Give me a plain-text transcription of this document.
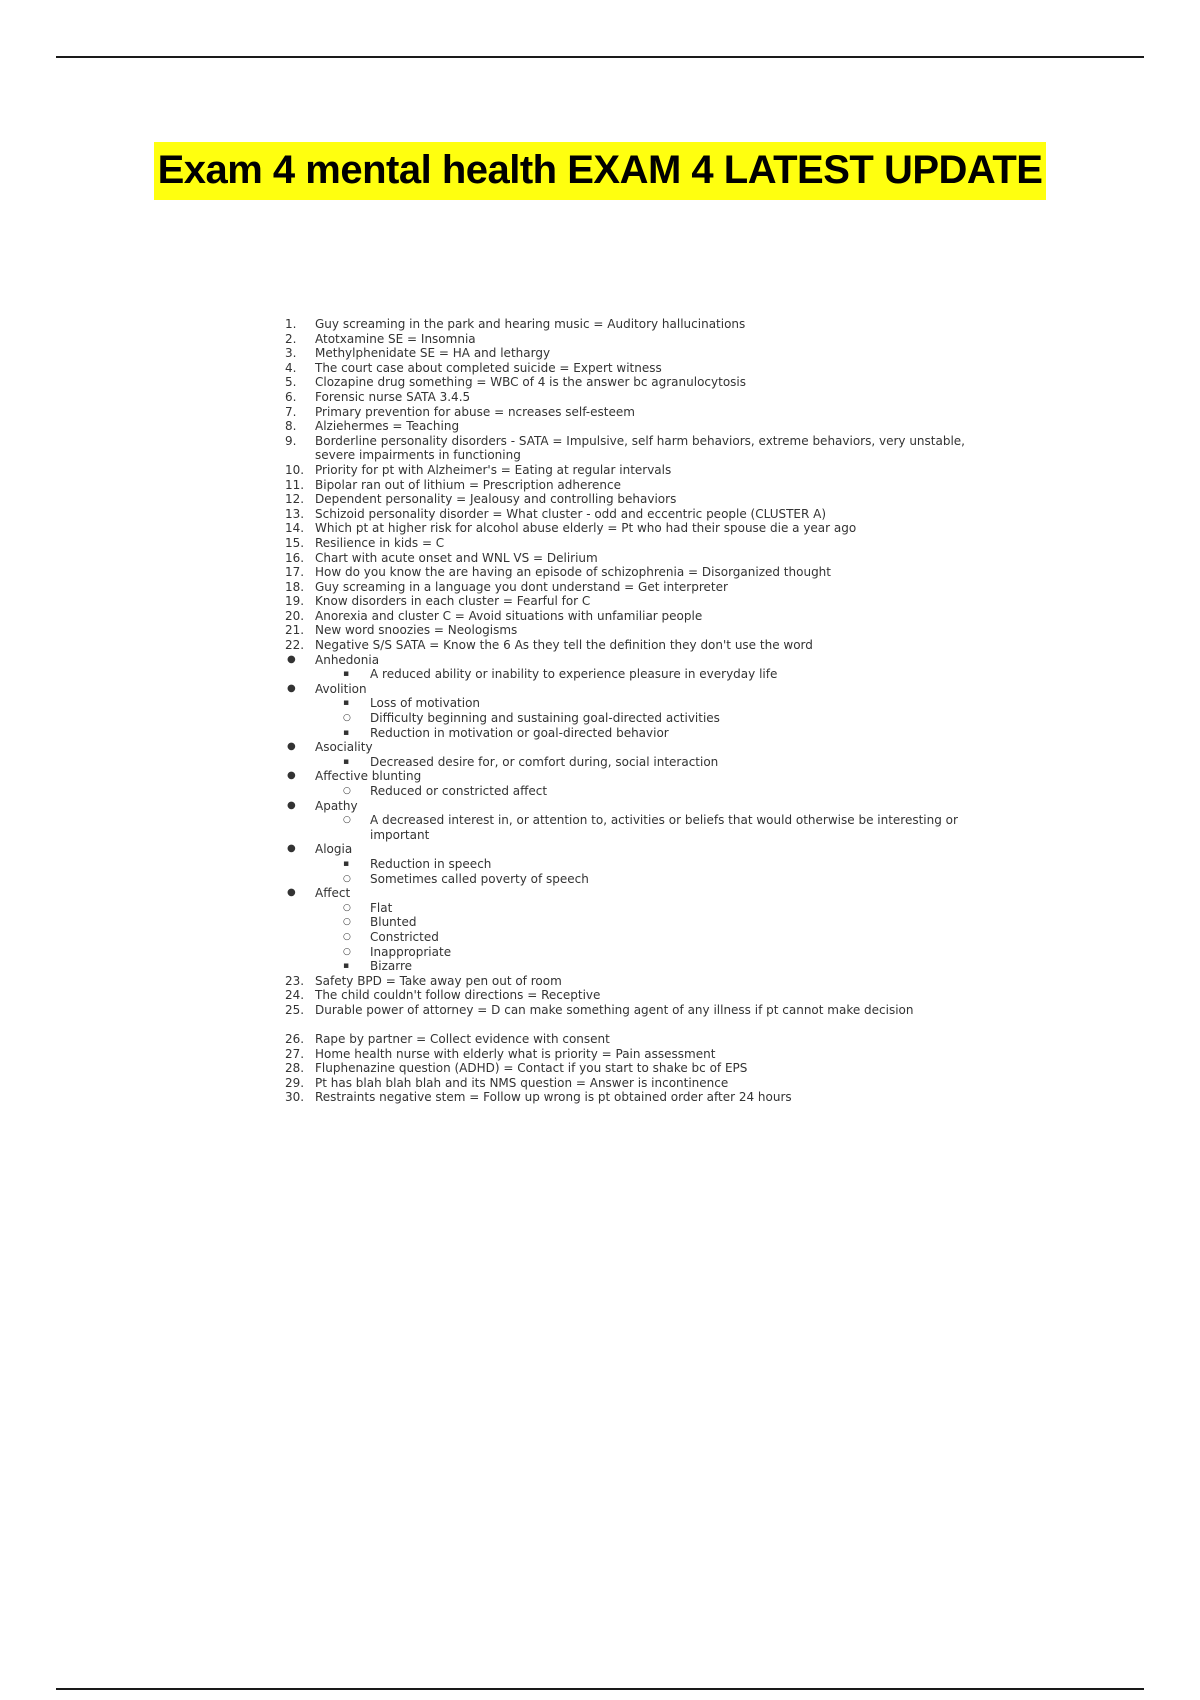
Exam 4 mental health EXAM 4 LATEST UPDATE
1.	Guy screaming in the park and hearing music = Auditory hallucinations
2.	Atotxamine SE = Insomnia
3.	Methylphenidate SE = HA and lethargy
4.	The court case about completed suicide = Expert witness
5.	Clozapine drug something = WBC of 4 is the answer bc agranulocytosis
6.	Forensic nurse SATA 3.4.5
7.	Primary prevention for abuse = ncreases self-esteem
8.	Alziehermes = Teaching
9.	Borderline personality disorders - SATA = Impulsive, self harm behaviors, extreme behaviors, very unstable, severe impairments in functioning
10. Priority for pt with Alzheimer's = Eating at regular intervals
11. Bipolar ran out of lithium = Prescription adherence
12. Dependent personality = Jealousy and controlling behaviors
13. Schizoid personality disorder = What cluster - odd and eccentric people (CLUSTER A)
14. Which pt at higher risk for alcohol abuse elderly = Pt who had their spouse die a year ago
15. Resilience in kids = C
16. Chart with acute onset and WNL VS = Delirium
17. How do you know the are having an episode of schizophrenia = Disorganized thought
18. Guy screaming in a language you dont understand = Get interpreter
19. Know disorders in each cluster = Fearful for C
20. Anorexia and cluster C = Avoid situations with unfamiliar people
21. New word snoozies = Neologisms
22. Negative S/S SATA = Know the 6 As they tell the definition they don't use the word
●	Anhedonia
▪	A reduced ability or inability to experience pleasure in everyday life
●	Avolition
▪	Loss of motivation
○	Difficulty beginning and sustaining goal-directed activities
▪	Reduction in motivation or goal-directed behavior
●	Asociality
▪	Decreased desire for, or comfort during, social interaction
●	Affective blunting
○	Reduced or constricted affect
●	Apathy
○	A decreased interest in, or attention to, activities or beliefs that would otherwise be interesting or important
●	Alogia
▪	Reduction in speech
○	Sometimes called poverty of speech
●	Affect
○	Flat
○	Blunted
○	Constricted
○	Inappropriate
▪	Bizarre
23. Safety BPD = Take away pen out of room
24. The child couldn't follow directions = Receptive
25. Durable power of attorney = D can make something agent of any illness if pt cannot make decision
26. Rape by partner = Collect evidence with consent
27. Home health nurse with elderly what is priority = Pain assessment
28. Fluphenazine question (ADHD) = Contact if you start to shake bc of EPS
29. Pt has blah blah blah and its NMS question = Answer is incontinence
30. Restraints negative stem = Follow up wrong is pt obtained order after 24 hours
